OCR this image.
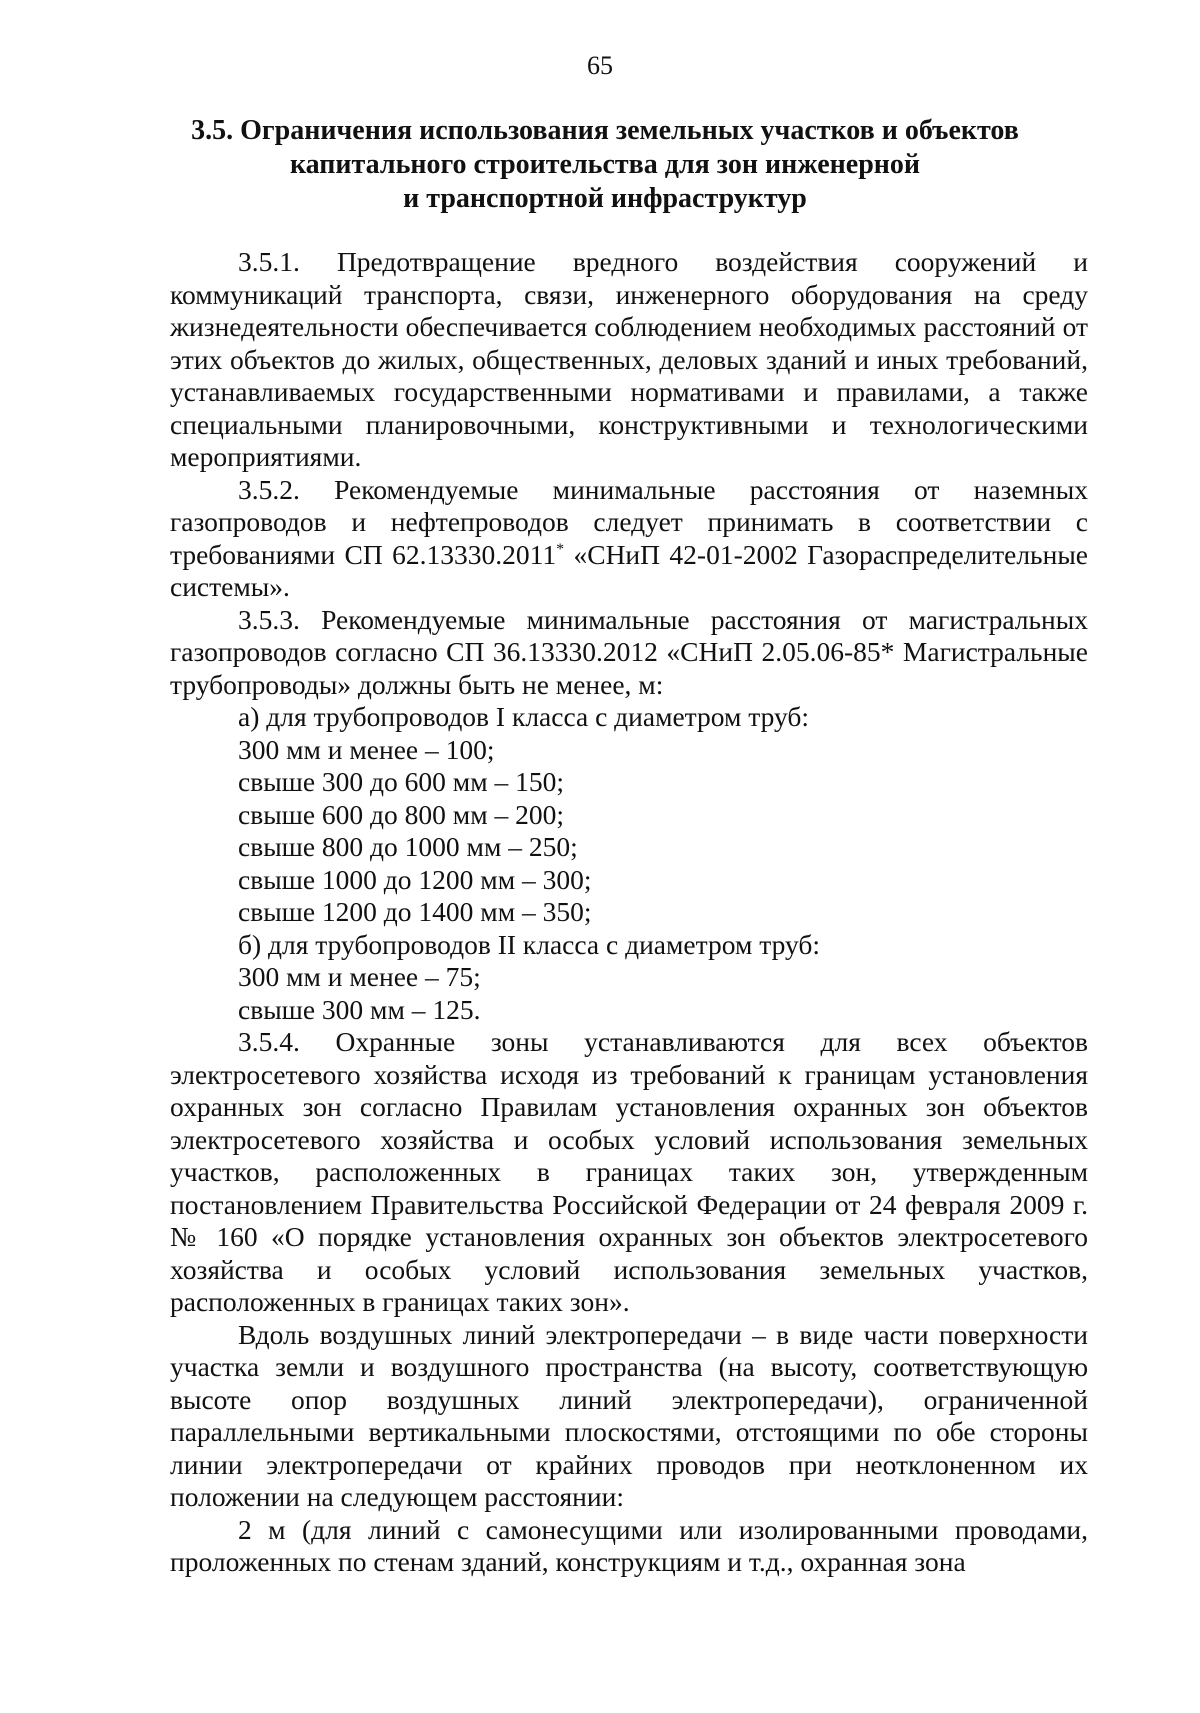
65
3.5. Ограничения использования земельных участков и объектов
капитального строительства для зон инженерной
и транспортной инфраструктур

3.5.1. Предотвращение вредного воздействия сооружений и коммуникаций транспорта, связи, инженерного оборудования на среду жизнедеятельности обеспечивается соблюдением необходимых расстояний от этих объектов до жилых, общественных, деловых зданий и иных требований, устанавливаемых государственными нормативами и правилами, а также специальными планировочными, конструктивными и технологическими мероприятиями.

3.5.2. Рекомендуемые минимальные расстояния от наземных газопроводов и нефтепроводов следует принимать в соответствии с требованиями СП 62.13330.2011* «СНиП 42-01-2002 Газораспределительные системы».

3.5.3. Рекомендуемые минимальные расстояния от магистральных газопроводов согласно СП 36.13330.2012 «СНиП 2.05.06-85* Магистральные трубопроводы» должны быть не менее, м:

а) для трубопроводов I класса с диаметром труб:

300 мм и менее – 100;

свыше 300 до 600 мм – 150;

свыше 600 до 800 мм – 200;

свыше 800 до 1000 мм – 250;

свыше 1000 до 1200 мм – 300;

свыше 1200 до 1400 мм – 350;

б) для трубопроводов II класса с диаметром труб:

300 мм и менее – 75;

свыше 300 мм – 125.

3.5.4. Охранные зоны устанавливаются для всех объектов электросетевого хозяйства исходя из требований к границам установления охранных зон согласно Правилам установления охранных зон объектов электросетевого хозяйства и особых условий использования земельных участков, расположенных в границах таких зон, утвержденным постановлением Правительства Российской Федерации от 24 февраля 2009 г. № 160 «О порядке установления охранных зон объектов электросетевого хозяйства и особых условий использования земельных участков, расположенных в границах таких зон».

Вдоль воздушных линий электропередачи – в виде части поверхности участка земли и воздушного пространства (на высоту, соответствующую высоте опор воздушных линий электропередачи), ограниченной параллельными вертикальными плоскостями, отстоящими по обе стороны линии электропередачи от крайних проводов при неотклоненном их положении на следующем расстоянии:

2 м (для линий с самонесущими или изолированными проводами, проложенных по стенам зданий, конструкциям и т.д., охранная зона
